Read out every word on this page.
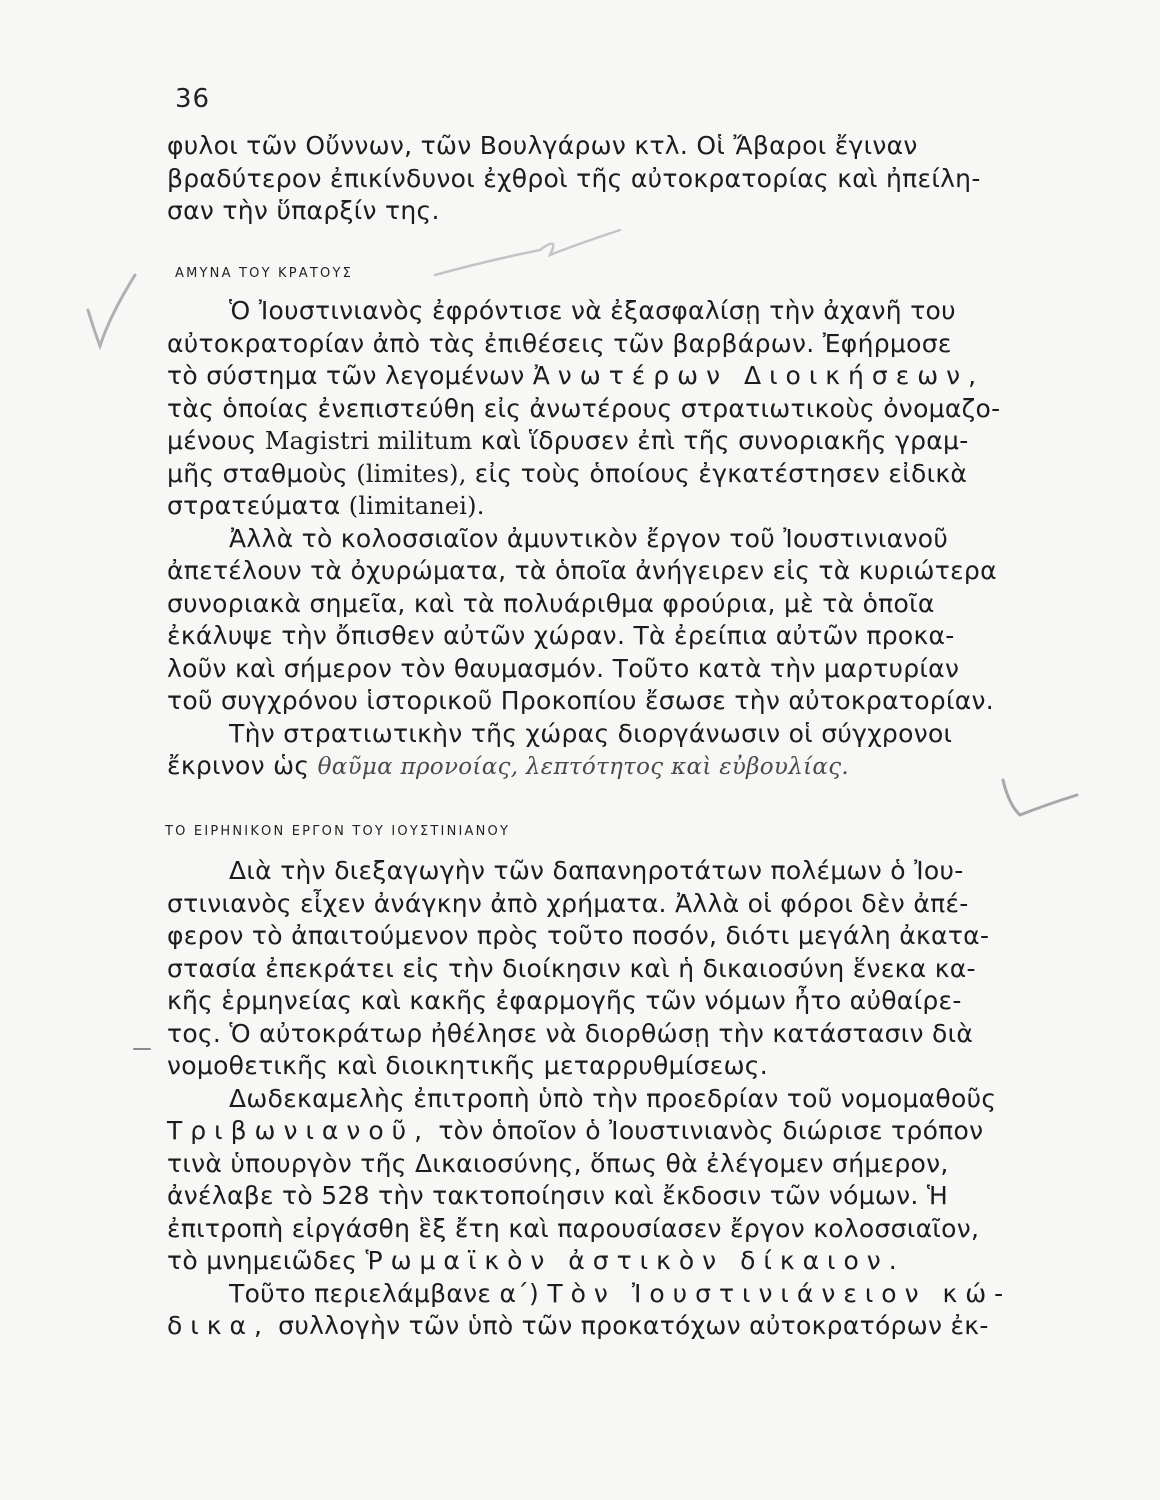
36

φυλοι τῶν Οὔννων, τῶν Βουλγάρων κτλ. Οἱ Ἄβαροι ἔγιναν
βραδύτερον ἐπικίνδυνοι ἐχθροὶ τῆς αὐτοκρατορίας καὶ ἠπείλη-
σαν τὴν ὕπαρξίν της.

ΑΜΥΝΑ ΤΟΥ ΚΡΑΤΟΥΣ

Ὁ Ἰουστινιανὸς ἐφρόντισε νὰ ἐξασφαλίσῃ τὴν ἀχανῆ του
αὐτοκρατορίαν ἀπὸ τὰς ἐπιθέσεις τῶν βαρβάρων. Ἐφήρμοσε
τὸ σύστημα τῶν λεγομένων Ἀνωτέρων Διοικήσεων,
τὰς ὁποίας ἐνεπιστεύθη εἰς ἀνωτέρους στρατιωτικοὺς ὀνομαζο-
μένους Magistri militum καὶ ἵδρυσεν ἐπὶ τῆς συνοριακῆς γραμ-
μῆς σταθμοὺς (limites), εἰς τοὺς ὁποίους ἐγκατέστησεν εἰδικὰ
στρατεύματα (limitanei).

Ἀλλὰ τὸ κολοσσιαῖον ἀμυντικὸν ἔργον τοῦ Ἰουστινιανοῦ
ἀπετέλουν τὰ ὀχυρώματα, τὰ ὁποῖα ἀνήγειρεν εἰς τὰ κυριώτερα
συνοριακὰ σημεῖα, καὶ τὰ πολυάριθμα φρούρια, μὲ τὰ ὁποῖα
ἐκάλυψε τὴν ὄπισθεν αὐτῶν χώραν. Τὰ ἐρείπια αὐτῶν προκα-
λοῦν καὶ σήμερον τὸν θαυμασμόν. Τοῦτο κατὰ τὴν μαρτυρίαν
τοῦ συγχρόνου ἱστορικοῦ Προκοπίου ἔσωσε τὴν αὐτοκρατορίαν.

Τὴν στρατιωτικὴν τῆς χώρας διοργάνωσιν οἱ σύγχρονοι
ἔκρινον ὡς θαῦμα προνοίας, λεπτότητος καὶ εὐβουλίας.

ΤΟ ΕΙΡΗΝΙΚΟΝ ΕΡΓΟΝ ΤΟΥ ΙΟΥΣΤΙΝΙΑΝΟΥ

Διὰ τὴν διεξαγωγὴν τῶν δαπανηροτάτων πολέμων ὁ Ἰου-
στινιανὸς εἶχεν ἀνάγκην ἀπὸ χρήματα. Ἀλλὰ οἱ φόροι δὲν ἀπέ-
φερον τὸ ἀπαιτούμενον πρὸς τοῦτο ποσόν, διότι μεγάλη ἀκατα-
στασία ἐπεκράτει εἰς τὴν διοίκησιν καὶ ἡ δικαιοσύνη ἕνεκα κα-
κῆς ἑρμηνείας καὶ κακῆς ἐφαρμογῆς τῶν νόμων ἦτο αὐθαίρε-
τος. Ὁ αὐτοκράτωρ ἠθέλησε νὰ διορθώσῃ τὴν κατάστασιν διὰ
νομοθετικῆς καὶ διοικητικῆς μεταρρυθμίσεως.

Δωδεκαμελὴς ἐπιτροπὴ ὑπὸ τὴν προεδρίαν τοῦ νομομαθοῦς
Τριβωνιανοῦ, τὸν ὁποῖον ὁ Ἰουστινιανὸς διώρισε τρόπον
τινὰ ὑπουργὸν τῆς Δικαιοσύνης, ὅπως θὰ ἐλέγομεν σήμερον,
ἀνέλαβε τὸ 528 τὴν τακτοποίησιν καὶ ἔκδοσιν τῶν νόμων. Ἡ
ἐπιτροπὴ εἰργάσθη ἓξ ἔτη καὶ παρουσίασεν ἔργον κολοσσιαῖον,
τὸ μνημειῶδες Ῥωμαϊκὸν ἀστικὸν δίκαιον.

Τοῦτο περιελάμβανε α΄) Τὸν Ἰουστινιάνειον κώ-
δικα, συλλογὴν τῶν ὑπὸ τῶν προκατόχων αὐτοκρατόρων ἐκ-
